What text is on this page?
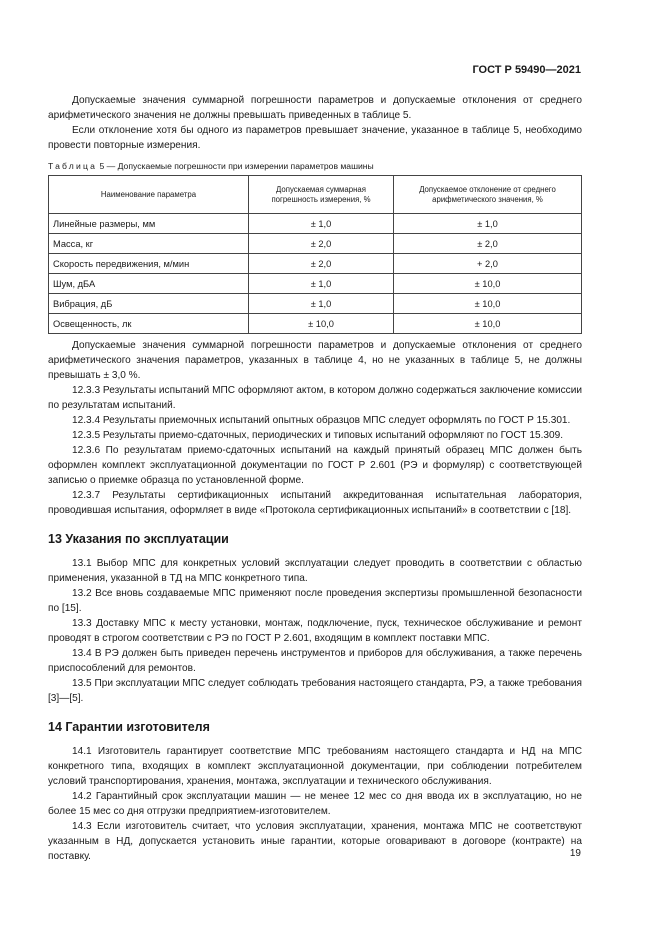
ГОСТ Р 59490—2021

Допускаемые значения суммарной погрешности параметров и допускаемые отклонения от среднего арифметического значения не должны превышать приведенных в таблице 5.

Если отклонение хотя бы одного из параметров превышает значение, указанное в таблице 5, необходимо провести повторные измерения.

Таблица 5 — Допускаемые погрешности при измерении параметров машины
Наименование параметра	Допускаемая суммарная погрешность измерения, %	Допускаемое отклонение от среднего арифметического значения, %
Линейные размеры, мм	± 1,0	± 1,0
Масса, кг	± 2,0	± 2,0
Скорость передвижения, м/мин	± 2,0	+ 2,0
Шум, дБА	± 1,0	± 10,0
Вибрация, дБ	± 1,0	± 10,0
Освещенность, лк	± 10,0	± 10,0

Допускаемые значения суммарной погрешности параметров и допускаемые отклонения от среднего арифметического значения параметров, указанных в таблице 4, но не указанных в таблице 5, не должны превышать ± 3,0 %.

12.3.3 Результаты испытаний МПС оформляют актом, в котором должно содержаться заключение комиссии по результатам испытаний.

12.3.4 Результаты приемочных испытаний опытных образцов МПС следует оформлять по ГОСТ Р 15.301.

12.3.5 Результаты приемо-сдаточных, периодических и типовых испытаний оформляют по ГОСТ 15.309.

12.3.6 По результатам приемо-сдаточных испытаний на каждый принятый образец МПС должен быть оформлен комплект эксплуатационной документации по ГОСТ Р 2.601 (РЭ и формуляр) с соответствующей записью о приемке образца по установленной форме.

12.3.7 Результаты сертификационных испытаний аккредитованная испытательная лаборатория, проводившая испытания, оформляет в виде «Протокола сертификационных испытаний» в соответствии с [18].

13 Указания по эксплуатации

13.1 Выбор МПС для конкретных условий эксплуатации следует проводить в соответствии с областью применения, указанной в ТД на МПС конкретного типа.

13.2 Все вновь создаваемые МПС применяют после проведения экспертизы промышленной безопасности по [15].

13.3 Доставку МПС к месту установки, монтаж, подключение, пуск, техническое обслуживание и ремонт проводят в строгом соответствии с РЭ по ГОСТ Р 2.601, входящим в комплект поставки МПС.

13.4 В РЭ должен быть приведен перечень инструментов и приборов для обслуживания, а также перечень приспособлений для ремонтов.

13.5 При эксплуатации МПС следует соблюдать требования настоящего стандарта, РЭ, а также требования [3]—[5].

14 Гарантии изготовителя

14.1 Изготовитель гарантирует соответствие МПС требованиям настоящего стандарта и НД на МПС конкретного типа, входящих в комплект эксплуатационной документации, при соблюдении потребителем условий транспортирования, хранения, монтажа, эксплуатации и технического обслуживания.

14.2 Гарантийный срок эксплуатации машин — не менее 12 мес со дня ввода их в эксплуатацию, но не более 15 мес со дня отгрузки предприятием-изготовителем.

14.3 Если изготовитель считает, что условия эксплуатации, хранения, монтажа МПС не соответствуют указанным в НД, допускается установить иные гарантии, которые оговаривают в договоре (контракте) на поставку.	19
